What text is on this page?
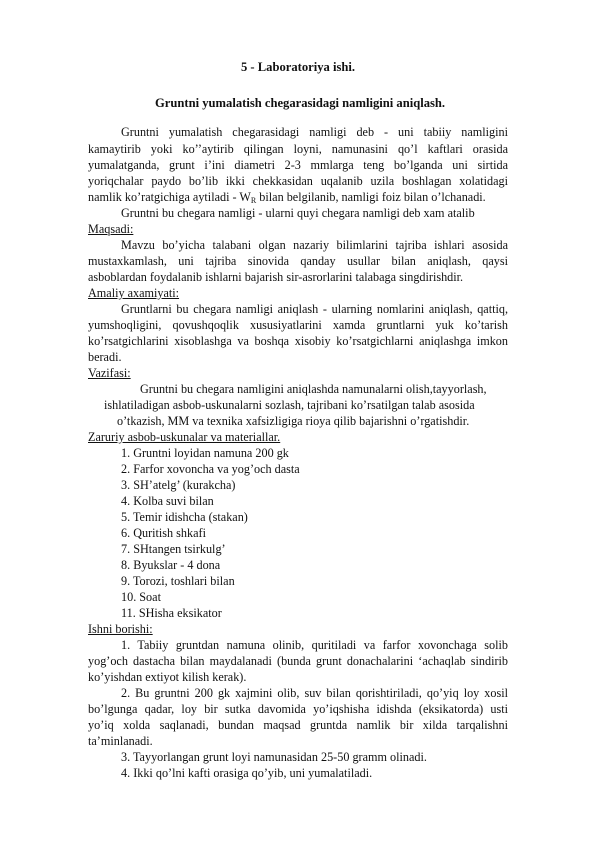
5 - Laboratoriya ishi.
Gruntni yumalatish chegarasidagi namligini aniqlash.
Gruntni yumalatish chegarasidagi namligi deb - uni tabiiy namligini
kamaytirib yoki ko’’aytirib qilingan loyni, namunasini qo’l kaftlari orasida
yumalatganda, grunt i’ini diametri 2-3 mmlarga teng bo’lganda uni sirtida
yoriqchalar paydo bo’lib ikki chekkasidan uqalanib uzila boshlagan xolatidagi
namlik ko’ratgichiga aytiladi - $W_R$ bilan belgilanib, namligi foiz bilan o’lchanadi.
Gruntni bu chegara namligi - ularni quyi chegara namligi deb xam atalib
Maqsadi:
Mavzu bo’yicha talabani olgan nazariy bilimlarini tajriba ishlari asosida
mustaxkamlash, uni tajriba sinovida qanday usullar bilan aniqlash, qaysi
asboblardan foydalanib ishlarni bajarish sir-asrorlarini talabaga singdirishdir.
Amaliy axamiyati:
Gruntlarni bu chegara namligi aniqlash - ularning nomlarini aniqlash, qattiq,
yumshoqligini, qovushqoqlik xususiyatlarini xamda gruntlarni yuk ko’tarish
ko’rsatgichlarini xisoblashga va boshqa xisobiy ko’rsatgichlarni aniqlashga imkon
beradi.
Vazifasi:
Gruntni bu chegara namligini aniqlashda namunalarni olish,tayyorlash,
ishlatiladigan asbob-uskunalarni sozlash, tajribani ko’rsatilgan talab asosida
o’tkazish, MM va texnika xafsizligiga rioya qilib bajarishni o’rgatishdir.
Zaruriy asbob-uskunalar va materiallar.
1. Gruntni loyidan namuna 200 gk
2. Farfor xovoncha va yog’och dasta
3. SH’atelg’ (kurakcha)
4. Kolba suvi bilan
5. Temir idishcha (stakan)
6. Quritish shkafi
7. SHtangen tsirkulg’
8. Byukslar - 4 dona
9. Torozi, toshlari bilan
10. Soat
11. SHisha eksikator
Ishni borishi:
1. Tabiiy gruntdan namuna olinib, quritiladi va farfor xovonchaga solib
yog’och dastacha bilan maydalanadi (bunda grunt donachalarini ‘achaqlab sindirib
ko’yishdan extiyot kilish kerak).
2. Bu gruntni 200 gk xajmini olib, suv bilan qorishtiriladi, qo’yiq loy xosil
bo’lgunga qadar, loy bir sutka davomida yo’iqshisha idishda (eksikatorda) usti
yo’iq xolda saqlanadi, bundan maqsad gruntda namlik bir xilda tarqalishni
ta’minlanadi.
3. Tayyorlangan grunt loyi namunasidan 25-50 gramm olinadi.
4. Ikki qo’lni kafti orasiga qo’yib, uni yumalatiladi.
